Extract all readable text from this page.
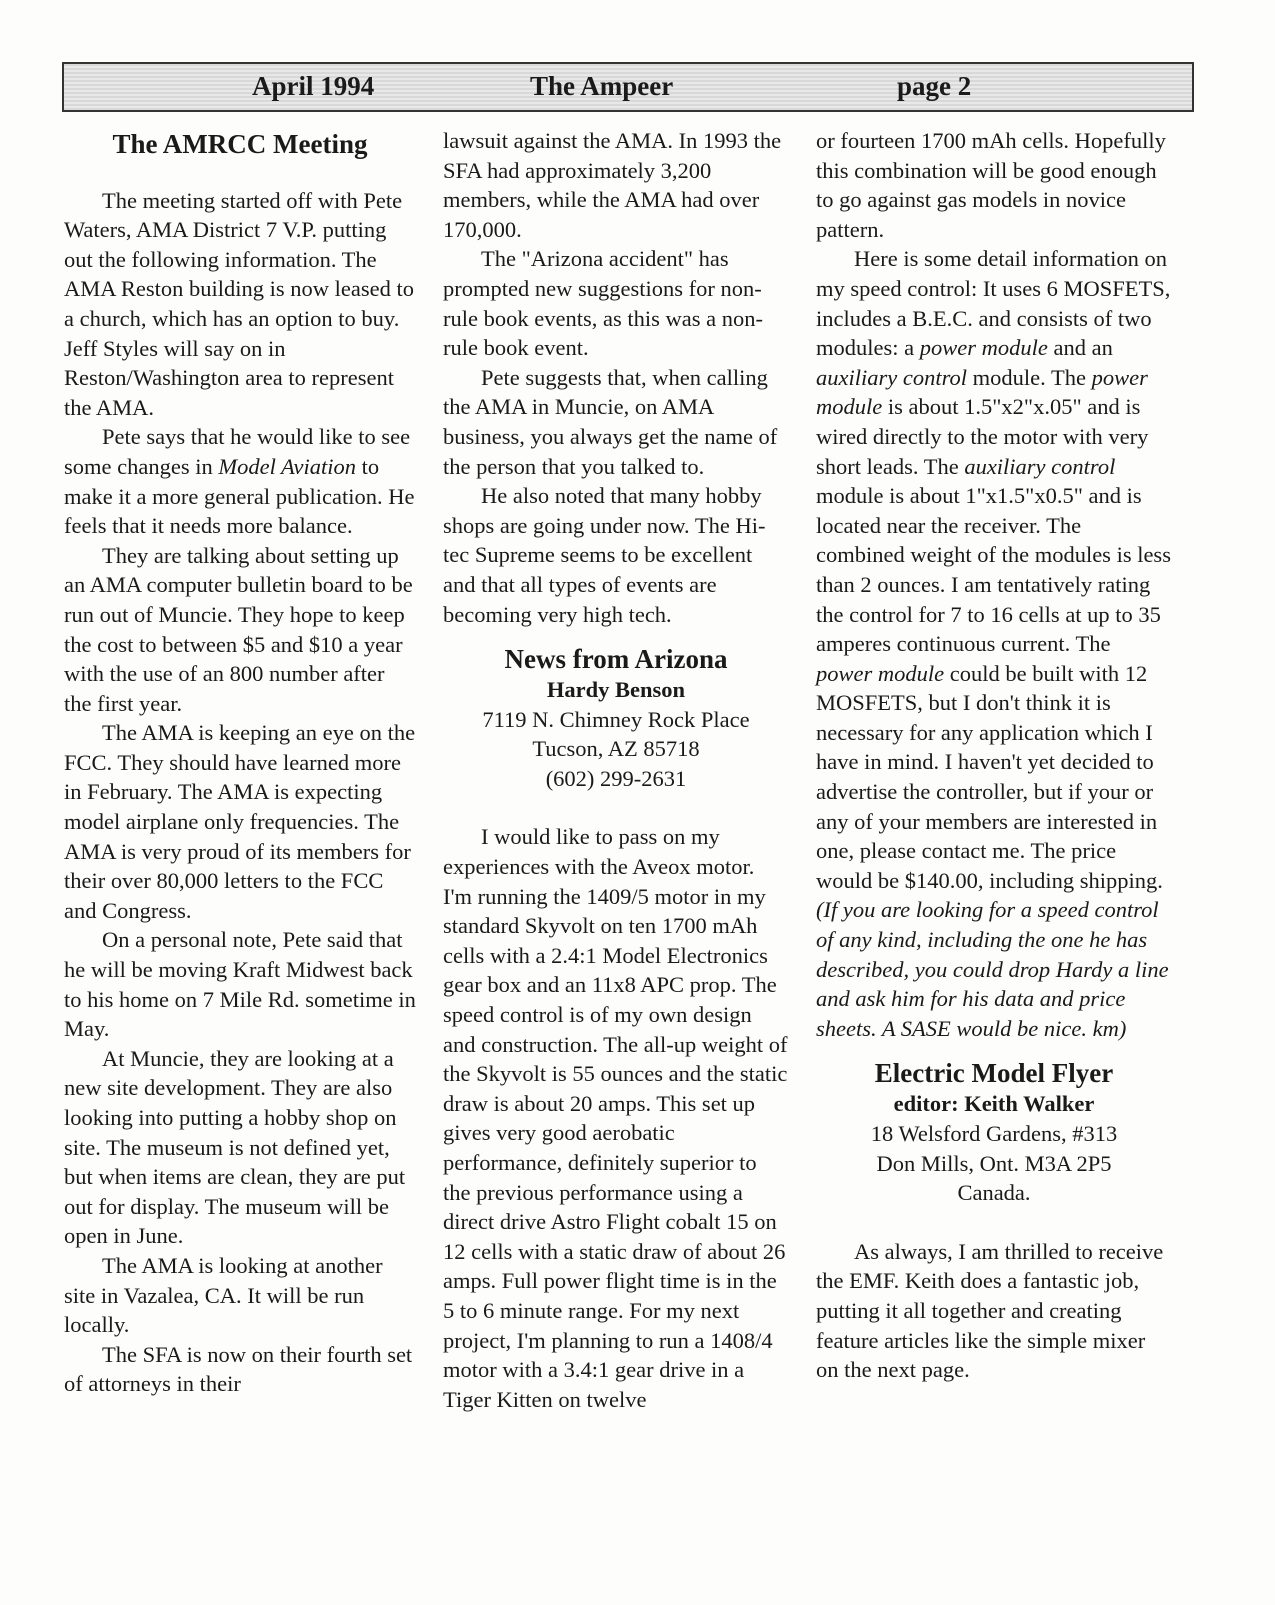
April 1994	The Ampeer	page 2
The AMRCC Meeting

The meeting started off with Pete Waters, AMA District 7 V.P. putting out the following information. The AMA Reston building is now leased to a church, which has an option to buy. Jeff Styles will say on in Reston/Washington area to represent the AMA.

Pete says that he would like to see some changes in Model Aviation to make it a more general publication. He feels that it needs more balance.

They are talking about setting up an AMA computer bulletin board to be run out of Muncie. They hope to keep the cost to between $5 and $10 a year with the use of an 800 number after the first year.

The AMA is keeping an eye on the FCC. They should have learned more in February. The AMA is expecting model airplane only frequencies. The AMA is very proud of its members for their over 80,000 letters to the FCC and Congress.

On a personal note, Pete said that he will be moving Kraft Midwest back to his home on 7 Mile Rd. sometime in May.

At Muncie, they are looking at a new site development. They are also looking into putting a hobby shop on site. The museum is not defined yet, but when items are clean, they are put out for display. The museum will be open in June.

The AMA is looking at another site in Vazalea, CA. It will be run locally.

The SFA is now on their fourth set of attorneys in their

lawsuit against the AMA. In 1993 the SFA had approximately 3,200 members, while the AMA had over 170,000.

The "Arizona accident" has prompted new suggestions for non-rule book events, as this was a non-rule book event.

Pete suggests that, when calling the AMA in Muncie, on AMA business, you always get the name of the person that you talked to.

He also noted that many hobby shops are going under now. The Hi-tec Supreme seems to be excellent and that all types of events are becoming very high tech.

News from Arizona
Hardy Benson
7119 N. Chimney Rock Place
Tucson, AZ 85718
(602) 299-2631

I would like to pass on my experiences with the Aveox motor. I'm running the 1409/5 motor in my standard Skyvolt on ten 1700 mAh cells with a 2.4:1 Model Electronics gear box and an 11x8 APC prop. The speed control is of my own design and construction. The all-up weight of the Skyvolt is 55 ounces and the static draw is about 20 amps. This set up gives very good aerobatic performance, definitely superior to the previous performance using a direct drive Astro Flight cobalt 15 on 12 cells with a static draw of about 26 amps. Full power flight time is in the 5 to 6 minute range. For my next project, I'm planning to run a 1408/4 motor with a 3.4:1 gear drive in a Tiger Kitten on twelve

or fourteen 1700 mAh cells. Hopefully this combination will be good enough to go against gas models in novice pattern.

Here is some detail information on my speed control: It uses 6 MOSFETS, includes a B.E.C. and consists of two modules: a power module and an auxiliary control module. The power module is about 1.5"x2"x.05" and is wired directly to the motor with very short leads. The auxiliary control module is about 1"x1.5"x0.5" and is located near the receiver. The combined weight of the modules is less than 2 ounces. I am tentatively rating the control for 7 to 16 cells at up to 35 amperes continuous current. The power module could be built with 12 MOSFETS, but I don't think it is necessary for any application which I have in mind. I haven't yet decided to advertise the controller, but if your or any of your members are interested in one, please contact me. The price would be $140.00, including shipping.

(If you are looking for a speed control of any kind, including the one he has described, you could drop Hardy a line and ask him for his data and price sheets. A SASE would be nice. km)

Electric Model Flyer
editor: Keith Walker
18 Welsford Gardens, #313
Don Mills, Ont. M3A 2P5
Canada.

As always, I am thrilled to receive the EMF. Keith does a fantastic job, putting it all together and creating feature articles like the simple mixer on the next page.
